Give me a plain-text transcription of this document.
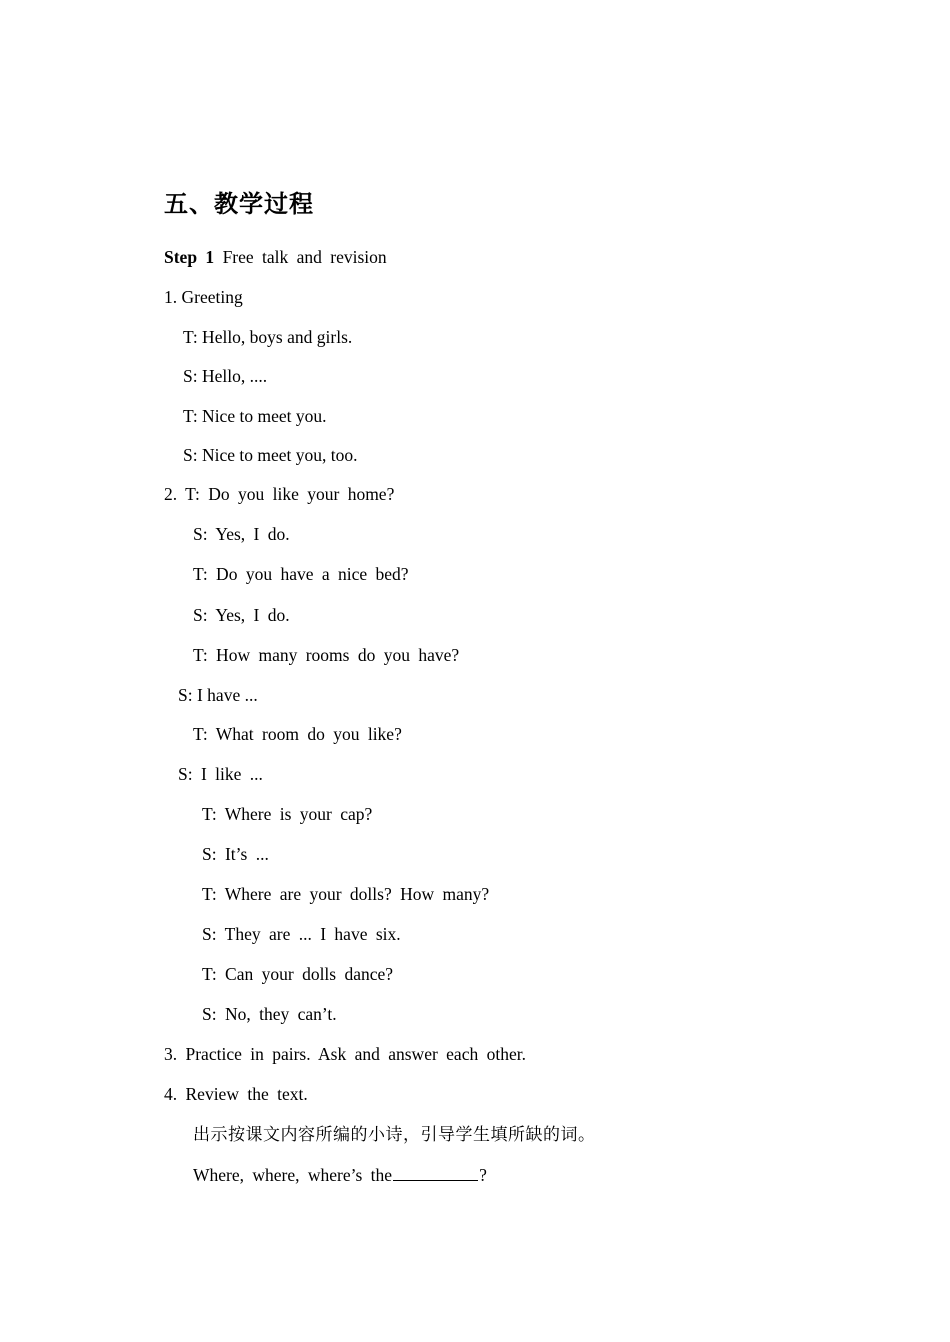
五、教学过程
Step 1 Free talk and revision
1. Greeting
T: Hello, boys and girls.
S: Hello, ....
T: Nice to meet you.
S: Nice to meet you, too.
2. T: Do you like your home?
S: Yes, I do.
T: Do you have a nice bed?
S: Yes, I do.
T: How many rooms do you have?
S: I have ...
T: What room do you like?
S: I like ...
T: Where is your cap?
S: It’s ...
T: Where are your dolls? How many?
S: They are ... I have six.
T: Can your dolls dance?
S: No, they can’t.
3. Practice in pairs. Ask and answer each other.
4. Review the text.
出示按课文内容所编的小诗，引导学生填所缺的词。
Where, where, where’s the	?
